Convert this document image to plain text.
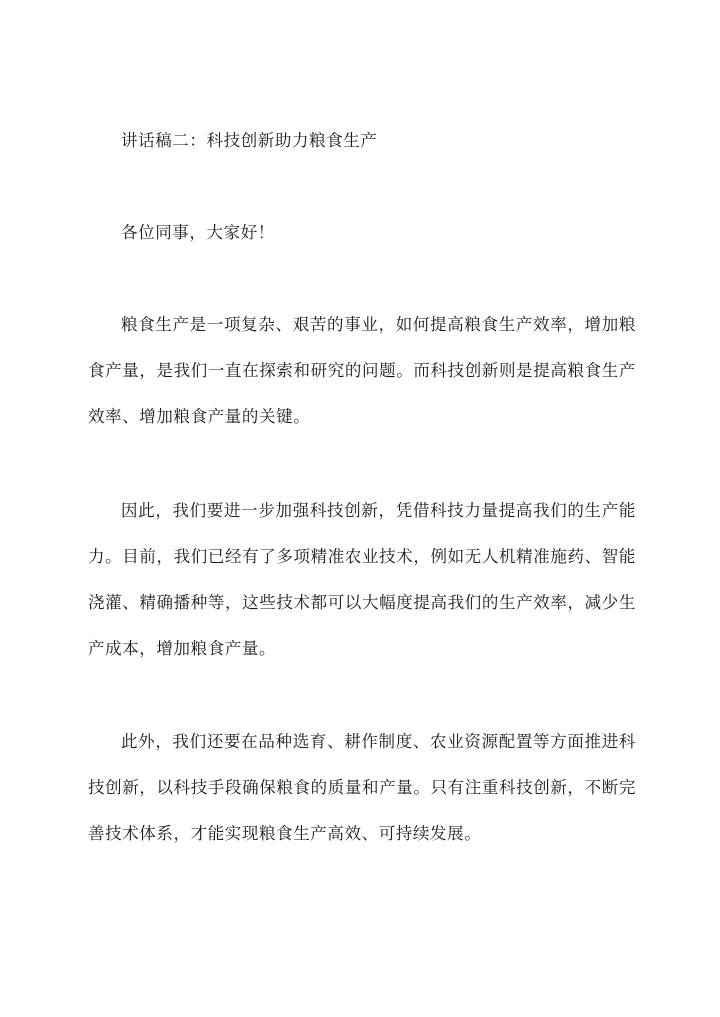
讲话稿二：科技创新助力粮食生产

各位同事，大家好！

粮食生产是一项复杂、艰苦的事业，如何提高粮食生产效率，增加粮食产量，是我们一直在探索和研究的问题。而科技创新则是提高粮食生产效率、增加粮食产量的关键。

因此，我们要进一步加强科技创新，凭借科技力量提高我们的生产能力。目前，我们已经有了多项精准农业技术，例如无人机精准施药、智能浇灌、精确播种等，这些技术都可以大幅度提高我们的生产效率，减少生产成本，增加粮食产量。

此外，我们还要在品种选育、耕作制度、农业资源配置等方面推进科技创新，以科技手段确保粮食的质量和产量。只有注重科技创新，不断完善技术体系，才能实现粮食生产高效、可持续发展。
